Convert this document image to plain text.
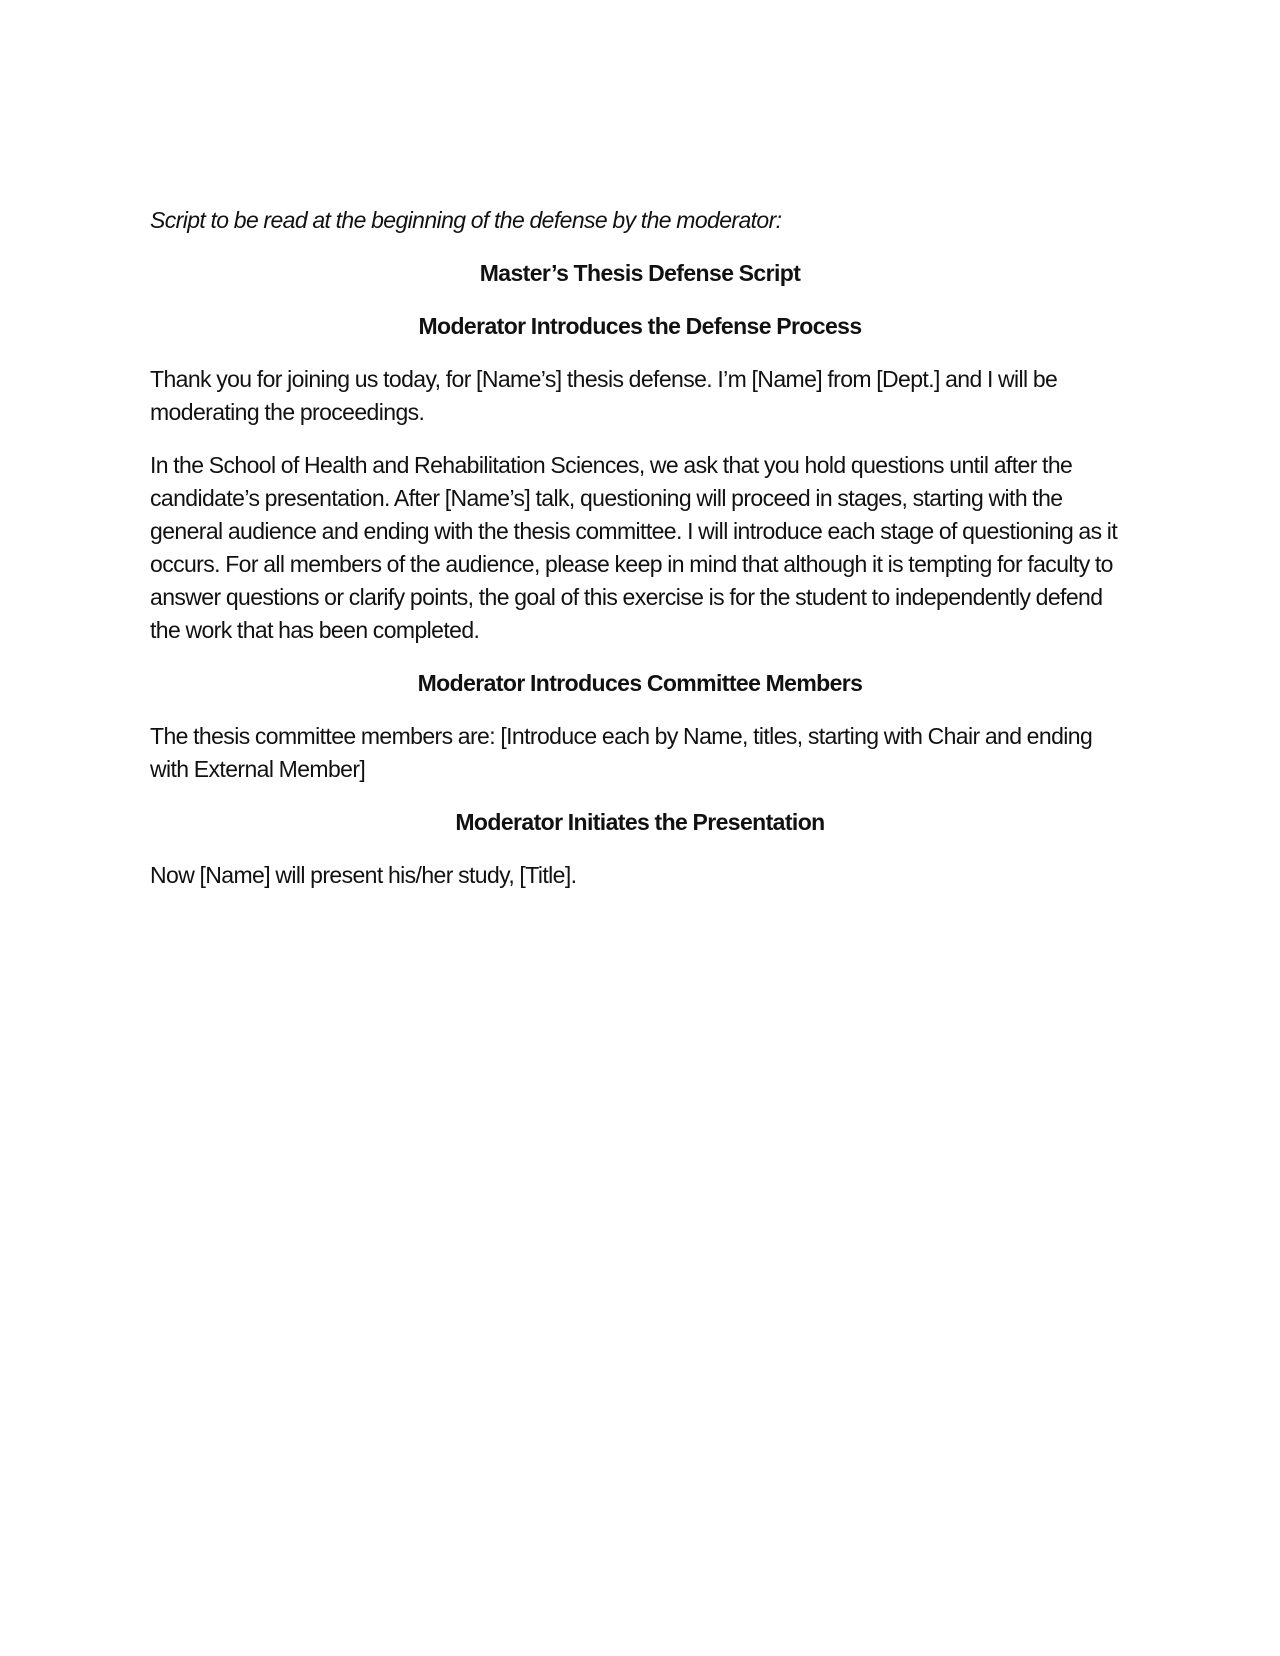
Script to be read at the beginning of the defense by the moderator:

Master’s Thesis Defense Script

Moderator Introduces the Defense Process

Thank you for joining us today, for [Name’s] thesis defense. I’m [Name] from [Dept.] and I will be moderating the proceedings.

In the School of Health and Rehabilitation Sciences, we ask that you hold questions until after the candidate’s presentation. After [Name’s] talk, questioning will proceed in stages, starting with the general audience and ending with the thesis committee. I will introduce each stage of questioning as it occurs. For all members of the audience, please keep in mind that although it is tempting for faculty to answer questions or clarify points, the goal of this exercise is for the student to independently defend the work that has been completed.

Moderator Introduces Committee Members

The thesis committee members are: [Introduce each by Name, titles, starting with Chair and ending with External Member]

Moderator Initiates the Presentation

Now [Name] will present his/her study, [Title].
